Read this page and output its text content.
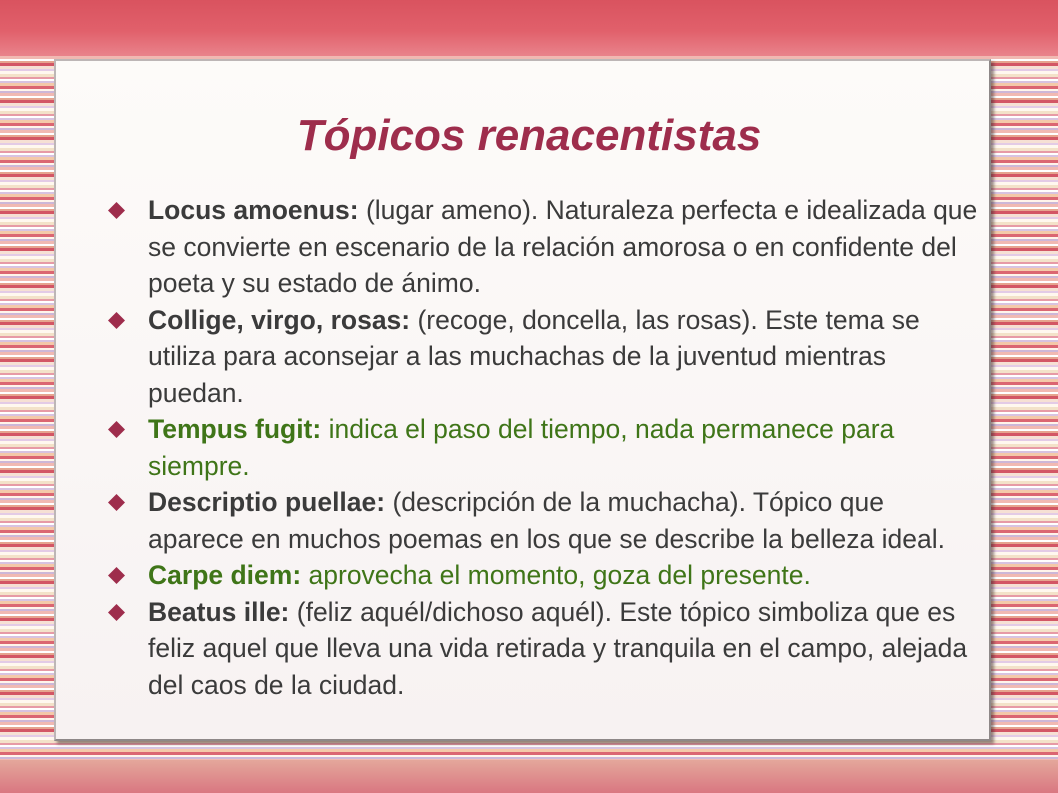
Tópicos renacentistas
Locus amoenus: (lugar ameno). Naturaleza perfecta e idealizada que se convierte en escenario de la relación amorosa o en confidente del poeta y su estado de ánimo.
Collige, virgo, rosas: (recoge, doncella, las rosas). Este tema se utiliza para aconsejar a las muchachas de la juventud mientras puedan.
Tempus fugit: indica el paso del tiempo, nada permanece para siempre.
Descriptio puellae: (descripción de la muchacha). Tópico que aparece en muchos poemas en los que se describe la belleza ideal.
Carpe diem: aprovecha el momento, goza del presente.
Beatus ille: (feliz aquél/dichoso aquél). Este tópico simboliza que es feliz aquel que lleva una vida retirada y tranquila en el campo, alejada del caos de la ciudad.
